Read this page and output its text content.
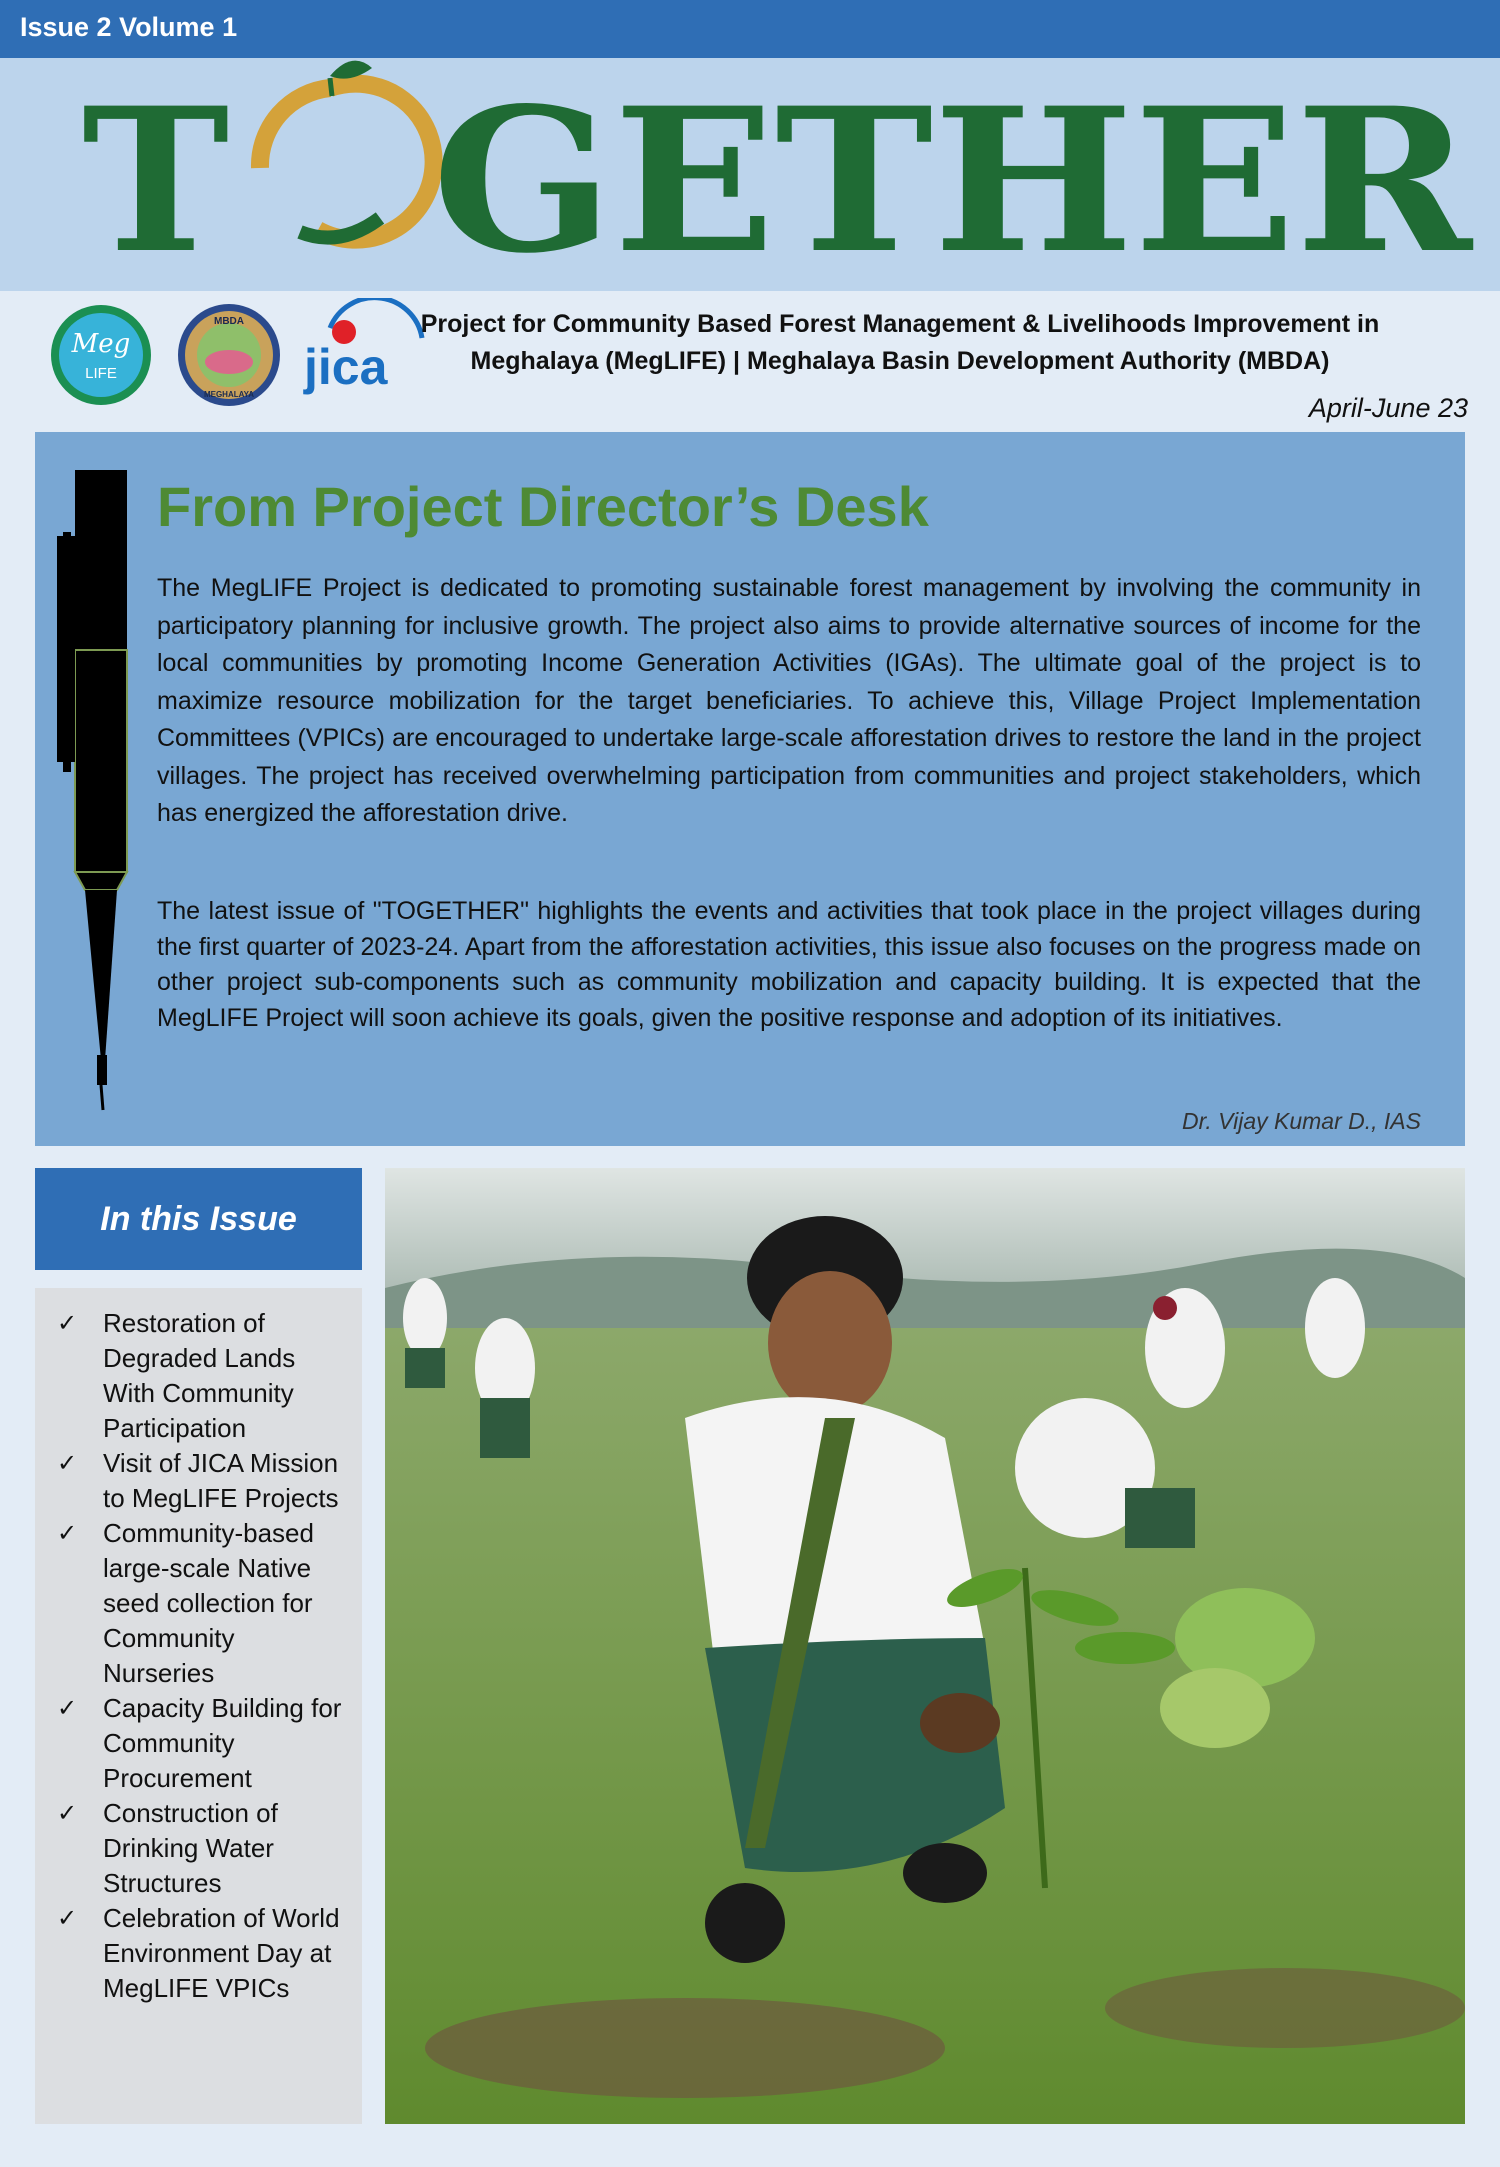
Issue 2 Volume 1
T GETHER
Meg
LIFE
MBDA
MEGHALAYA jica
Project for Community Based Forest Management & Livelihoods Improvement in Meghalaya (MegLIFE) | Meghalaya Basin Development Authority (MBDA)
April-June 23
From Project Director’s Desk

The MegLIFE Project is dedicated to promoting sustainable forest management by involving the community in participatory planning for inclusive growth. The project also aims to provide alternative sources of income for the local communities by promoting Income Generation Activities (IGAs). The ultimate goal of the project is to maximize resource mobilization for the target beneficiaries. To achieve this, Village Project Implementation Committees (VPICs) are encouraged to undertake large-scale afforestation drives to restore the land in the project villages. The project has received overwhelming participation from communities and project stakeholders, which has energized the afforestation drive.

The latest issue of "TOGETHER" highlights the events and activities that took place in the project villages during the first quarter of 2023-24. Apart from the afforestation activities, this issue also focuses on the progress made on other project sub-components such as community mobilization and capacity building. It is expected that the MegLIFE Project will soon achieve its goals, given the positive response and adoption of its initiatives.

Dr. Vijay Kumar D., IAS
In this Issue
✓ Restoration of Degraded Lands With Community Participation
✓ Visit of JICA Mission to MegLIFE Projects
✓ Community-based large-scale Native seed collection for Community Nurseries
✓ Capacity Building for Community Procurement
✓ Construction of Drinking Water Structures
✓ Celebration of World Environment Day at MegLIFE VPICs
